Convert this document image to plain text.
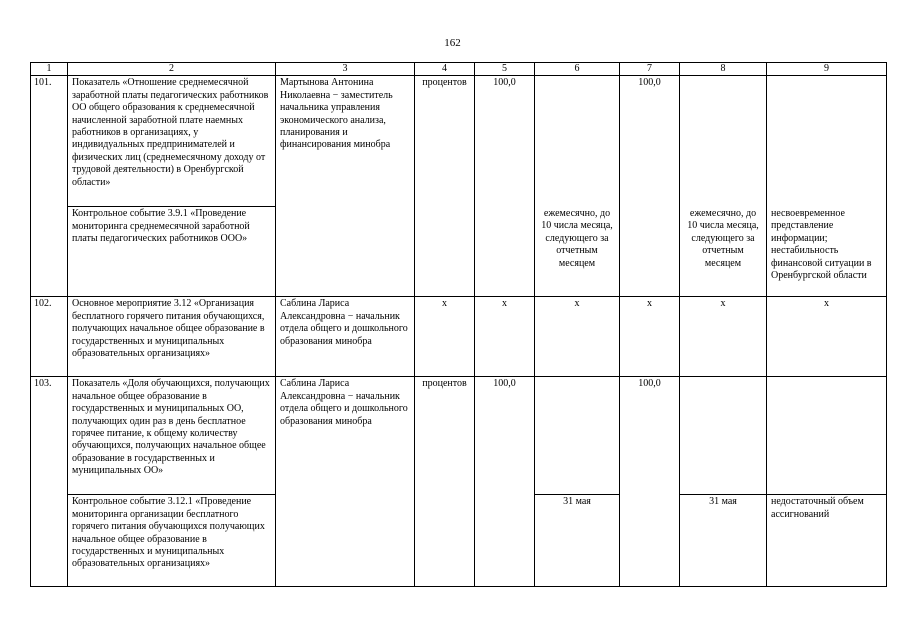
162
1	2	3	4	5	6	7	8	9
101.	Показатель «Отношение среднемесячной заработной платы педагогических работников ОО общего образования к среднемесячной начисленной заработной плате наемных работников в организациях, у индивидуальных предпринимателей и физических лиц (среднемесячному доходу от трудовой деятельности) в Оренбургской области»	Мартынова Антонина Николаевна − заместитель начальника управления экономического анализа, планирования и финансирования минобра	процентов	100,0		100,0		
	Контрольное событие 3.9.1 «Проведение мониторинга среднемесячной заработной платы педагогических работников ООО»				ежемесячно, до 10 числа месяца, следующего за отчетным месяцем		ежемесячно, до 10 числа месяца, следующего за отчетным месяцем	несвоевременное представление информации; нестабильность финансовой ситуации в Оренбургской области
102.	Основное мероприятие 3.12 «Организация бесплатного горячего питания обучающихся, получающих начальное общее образование в государственных и муниципальных образовательных организациях»	Саблина Лариса Александровна − начальник отдела общего и дошкольного образования минобра	х	х	х	х	х	х
103.	Показатель «Доля обучающихся, получающих начальное общее образование в государственных и муниципальных ОО, получающих один раз в день бесплатное горячее питание, к общему количеству обучающихся, получающих начальное общее образование в государственных и муниципальных ОО»	Саблина Лариса Александровна − начальник отдела общего и дошкольного образования минобра	процентов	100,0		100,0		
	Контрольное событие 3.12.1 «Проведение мониторинга организации бесплатного горячего питания обучающихся получающих начальное общее образование в государственных и муниципальных образовательных организациях»				31 мая		31 мая	недостаточный объем ассигнований
